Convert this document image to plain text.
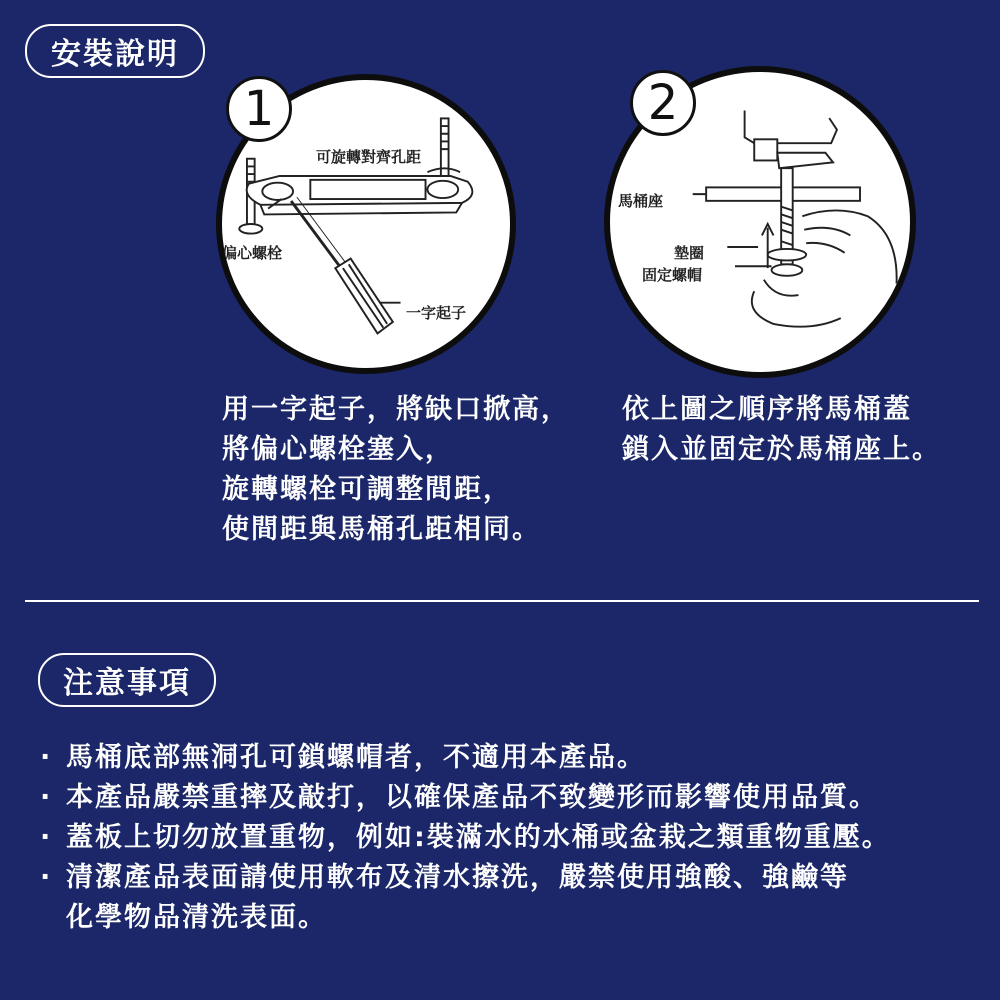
安裝說明
可旋轉對齊孔距
偏心螺栓
一字起子
1
馬桶座
墊圈
固定螺帽
2
用一字起子，將缺口掀高，
將偏心螺栓塞入，
旋轉螺栓可調整間距，
使間距與馬桶孔距相同。
依上圖之順序將馬桶蓋
鎖入並固定於馬桶座上。
注意事項
· 馬桶底部無洞孔可鎖螺帽者，不適用本產品。
· 本產品嚴禁重摔及敲打，以確保產品不致變形而影響使用品質。
· 蓋板上切勿放置重物，例如:裝滿水的水桶或盆栽之類重物重壓。
· 清潔產品表面請使用軟布及清水擦洗，嚴禁使用強酸、強鹼等
化學物品清洗表面。
